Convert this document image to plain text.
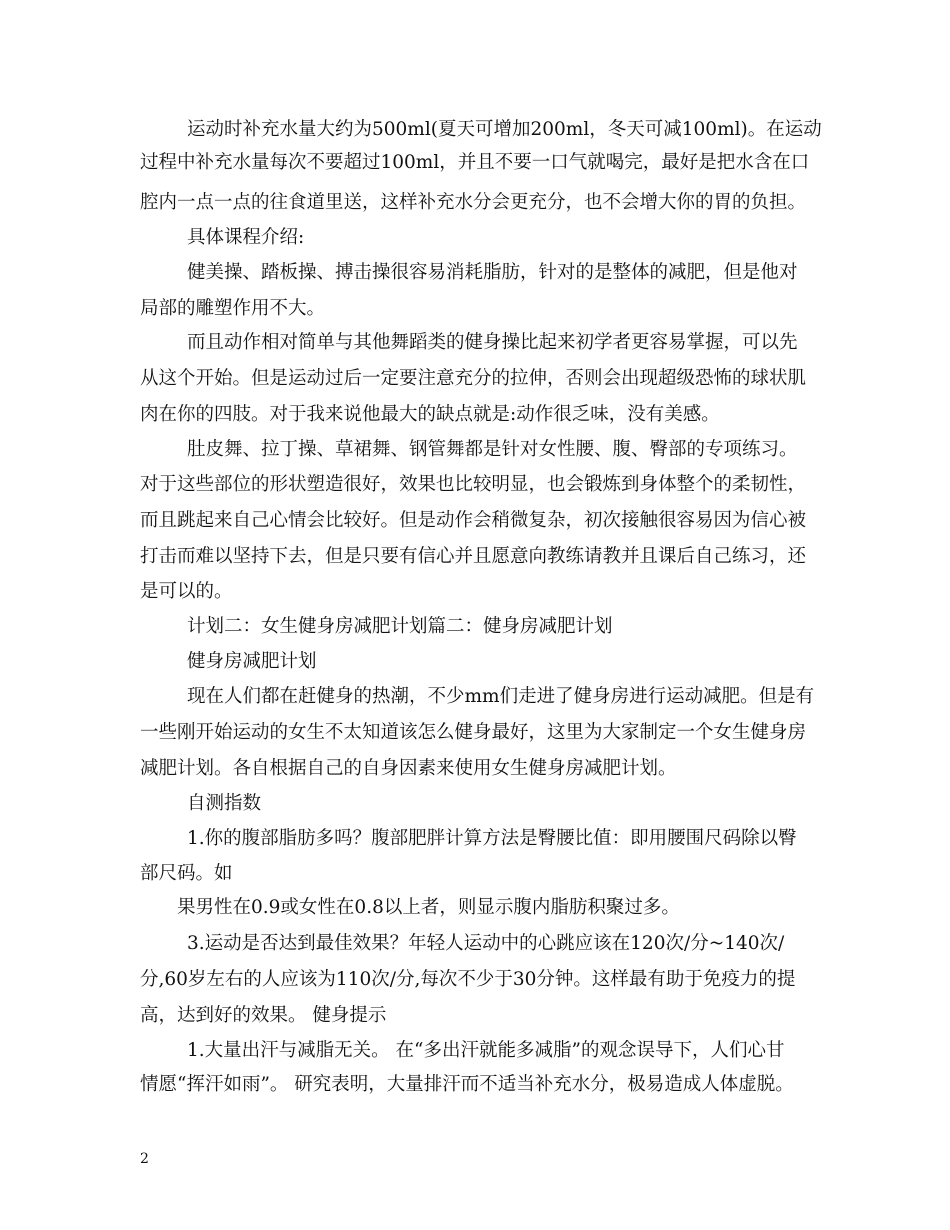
运动时补充水量大约为500ml(夏天可增加200ml，冬天可减100ml)。在运动
过程中补充水量每次不要超过100ml，并且不要一口气就喝完，最好是把水含在口
腔内一点一点的往食道里送，这样补充水分会更充分，也不会增大你的胃的负担。
具体课程介绍:
健美操、踏板操、搏击操很容易消耗脂肪，针对的是整体的减肥，但是他对
局部的雕塑作用不大。
而且动作相对简单与其他舞蹈类的健身操比起来初学者更容易掌握，可以先
从这个开始。但是运动过后一定要注意充分的拉伸，否则会出现超级恐怖的球状肌
肉在你的四肢。对于我来说他最大的缺点就是:动作很乏味，没有美感。
肚皮舞、拉丁操、草裙舞、钢管舞都是针对女性腰、腹、臀部的专项练习。
对于这些部位的形状塑造很好，效果也比较明显，也会锻炼到身体整个的柔韧性，
而且跳起来自己心情会比较好。但是动作会稍微复杂，初次接触很容易因为信心被
打击而难以坚持下去，但是只要有信心并且愿意向教练请教并且课后自己练习，还
是可以的。
计划二：女生健身房减肥计划篇二：健身房减肥计划
健身房减肥计划
现在人们都在赶健身的热潮，不少mm们走进了健身房进行运动减肥。但是有
一些刚开始运动的女生不太知道该怎么健身最好，这里为大家制定一个女生健身房
减肥计划。各自根据自己的自身因素来使用女生健身房减肥计划。
自测指数
1.你的腹部脂肪多吗？腹部肥胖计算方法是臀腰比值：即用腰围尺码除以臀
部尺码。如
果男性在0.9或女性在0.8以上者，则显示腹内脂肪积聚过多。
3.运动是否达到最佳效果？年轻人运动中的心跳应该在120次/分~140次/
分,60岁左右的人应该为110次/分,每次不少于30分钟。这样最有助于免疫力的提
高，达到好的效果。 健身提示
1.大量出汗与减脂无关。 在“多出汗就能多减脂”的观念误导下，人们心甘
情愿“挥汗如雨”。 研究表明，大量排汗而不适当补充水分，极易造成人体虚脱。
2
